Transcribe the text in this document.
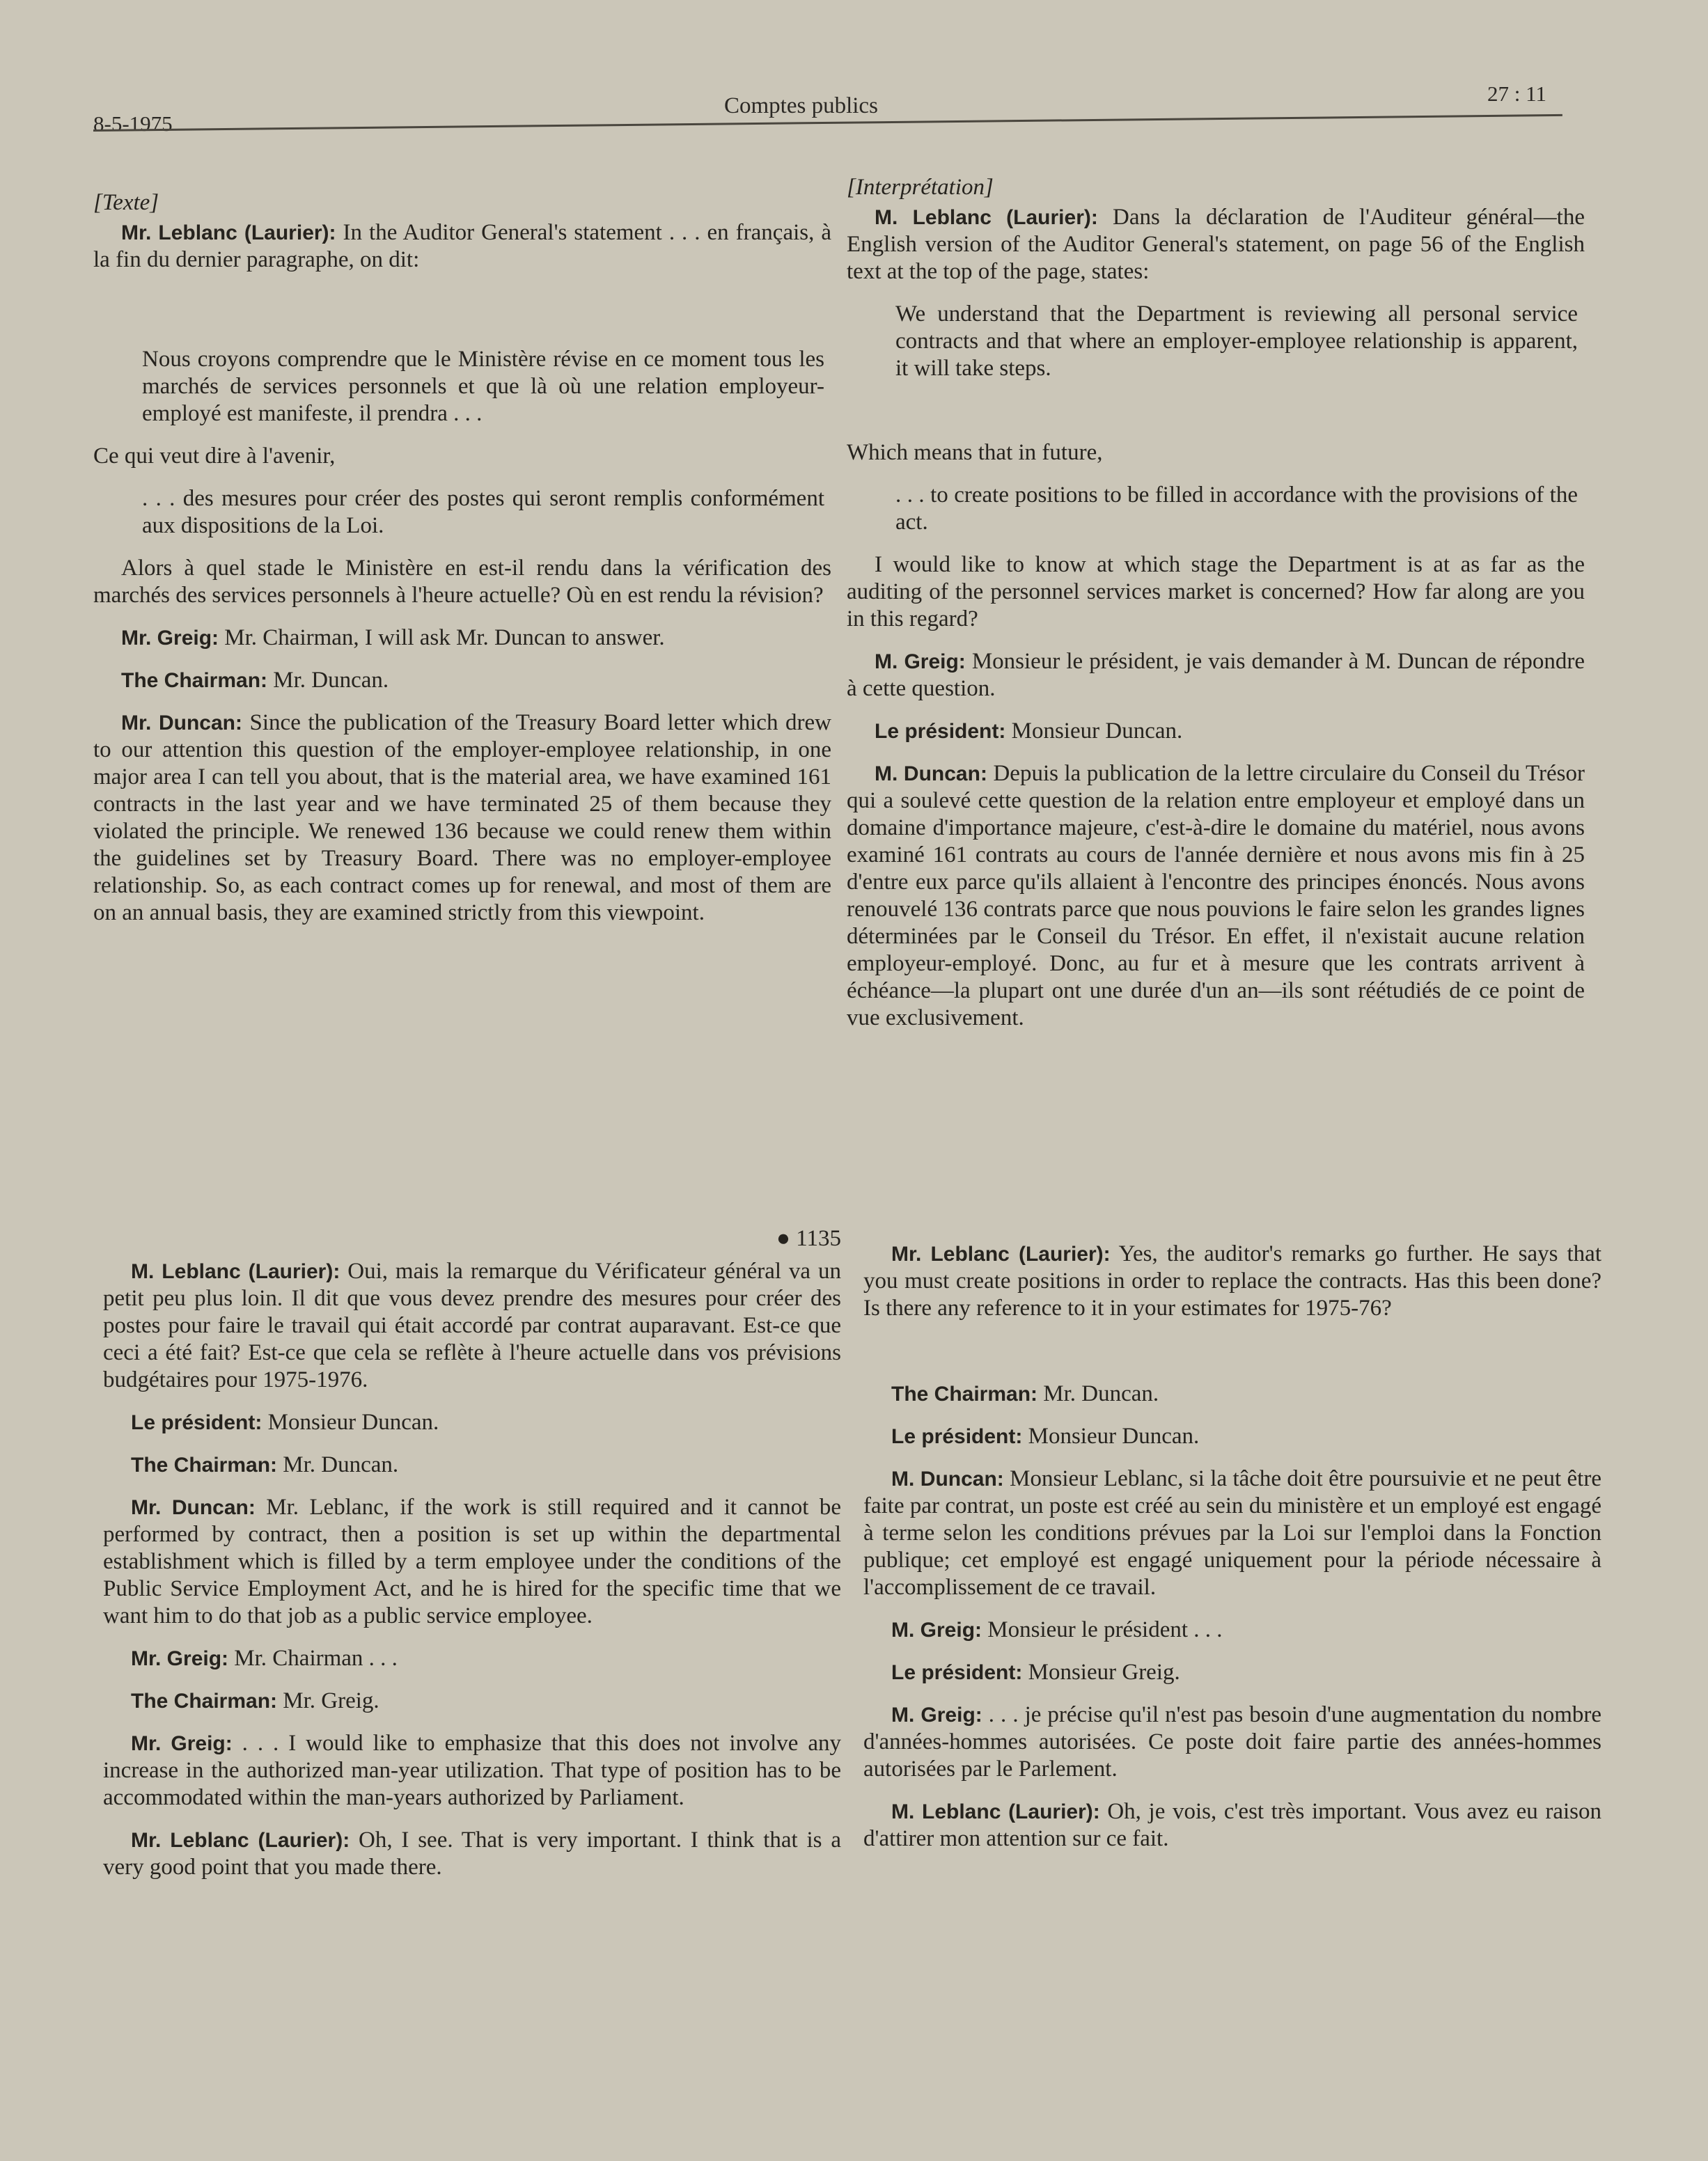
8-5-1975
Comptes publics	27 : 11

[Texte]

Mr. Leblanc (Laurier): In the Auditor General's statement . . . en français, à la fin du dernier paragraphe, on dit:

Nous croyons comprendre que le Ministère révise en ce moment tous les marchés de services personnels et que là où une relation employeur-employé est manifeste, il prendra . . .

Ce qui veut dire à l'avenir,

. . . des mesures pour créer des postes qui seront remplis conformément aux dispositions de la Loi.

Alors à quel stade le Ministère en est-il rendu dans la vérification des marchés des services personnels à l'heure actuelle? Où en est rendu la révision?

Mr. Greig: Mr. Chairman, I will ask Mr. Duncan to answer.

The Chairman: Mr. Duncan.

Mr. Duncan: Since the publication of the Treasury Board letter which drew to our attention this question of the employer-employee relationship, in one major area I can tell you about, that is the material area, we have examined 161 contracts in the last year and we have terminated 25 of them because they violated the principle. We renewed 136 because we could renew them within the guidelines set by Treasury Board. There was no employer-employee relationship. So, as each contract comes up for renewal, and most of them are on an annual basis, they are examined strictly from this viewpoint.

[Interprétation]

M. Leblanc (Laurier): Dans la déclaration de l'Auditeur général—the English version of the Auditor General's statement, on page 56 of the English text at the top of the page, states:

We understand that the Department is reviewing all personal service contracts and that where an employer-employee relationship is apparent, it will take steps.

Which means that in future,

. . . to create positions to be filled in accordance with the provisions of the act.

I would like to know at which stage the Department is at as far as the auditing of the personnel services market is concerned? How far along are you in this regard?

M. Greig: Monsieur le président, je vais demander à M. Duncan de répondre à cette question.

Le président: Monsieur Duncan.

M. Duncan: Depuis la publication de la lettre circulaire du Conseil du Trésor qui a soulevé cette question de la relation entre employeur et employé dans un domaine d'importance majeure, c'est-à-dire le domaine du matériel, nous avons examiné 161 contrats au cours de l'année dernière et nous avons mis fin à 25 d'entre eux parce qu'ils allaient à l'encontre des principes énoncés. Nous avons renouvelé 136 contrats parce que nous pouvions le faire selon les grandes lignes déterminées par le Conseil du Trésor. En effet, il n'existait aucune relation employeur-employé. Donc, au fur et à mesure que les contrats arrivent à échéance—la plupart ont une durée d'un an—ils sont réétudiés de ce point de vue exclusivement.

● 1135

M. Leblanc (Laurier): Oui, mais la remarque du Vérificateur général va un petit peu plus loin. Il dit que vous devez prendre des mesures pour créer des postes pour faire le travail qui était accordé par contrat auparavant. Est-ce que ceci a été fait? Est-ce que cela se reflète à l'heure actuelle dans vos prévisions budgétaires pour 1975-1976.

Le président: Monsieur Duncan.

The Chairman: Mr. Duncan.

Mr. Duncan: Mr. Leblanc, if the work is still required and it cannot be performed by contract, then a position is set up within the departmental establishment which is filled by a term employee under the conditions of the Public Service Employment Act, and he is hired for the specific time that we want him to do that job as a public service employee.

Mr. Greig: Mr. Chairman . . .

The Chairman: Mr. Greig.

Mr. Greig: . . . I would like to emphasize that this does not involve any increase in the authorized man-year utilization. That type of position has to be accommodated within the man-years authorized by Parliament.

Mr. Leblanc (Laurier): Oh, I see. That is very important. I think that is a very good point that you made there.

Mr. Leblanc (Laurier): Yes, the auditor's remarks go further. He says that you must create positions in order to replace the contracts. Has this been done? Is there any reference to it in your estimates for 1975-76?

The Chairman: Mr. Duncan.

Le président: Monsieur Duncan.

M. Duncan: Monsieur Leblanc, si la tâche doit être poursuivie et ne peut être faite par contrat, un poste est créé au sein du ministère et un employé est engagé à terme selon les conditions prévues par la Loi sur l'emploi dans la Fonction publique; cet employé est engagé uniquement pour la période nécessaire à l'accomplissement de ce travail.

M. Greig: Monsieur le président . . .

Le président: Monsieur Greig.

M. Greig: . . . je précise qu'il n'est pas besoin d'une augmentation du nombre d'années-hommes autorisées. Ce poste doit faire partie des années-hommes autorisées par le Parlement.

M. Leblanc (Laurier): Oh, je vois, c'est très important. Vous avez eu raison d'attirer mon attention sur ce fait.
